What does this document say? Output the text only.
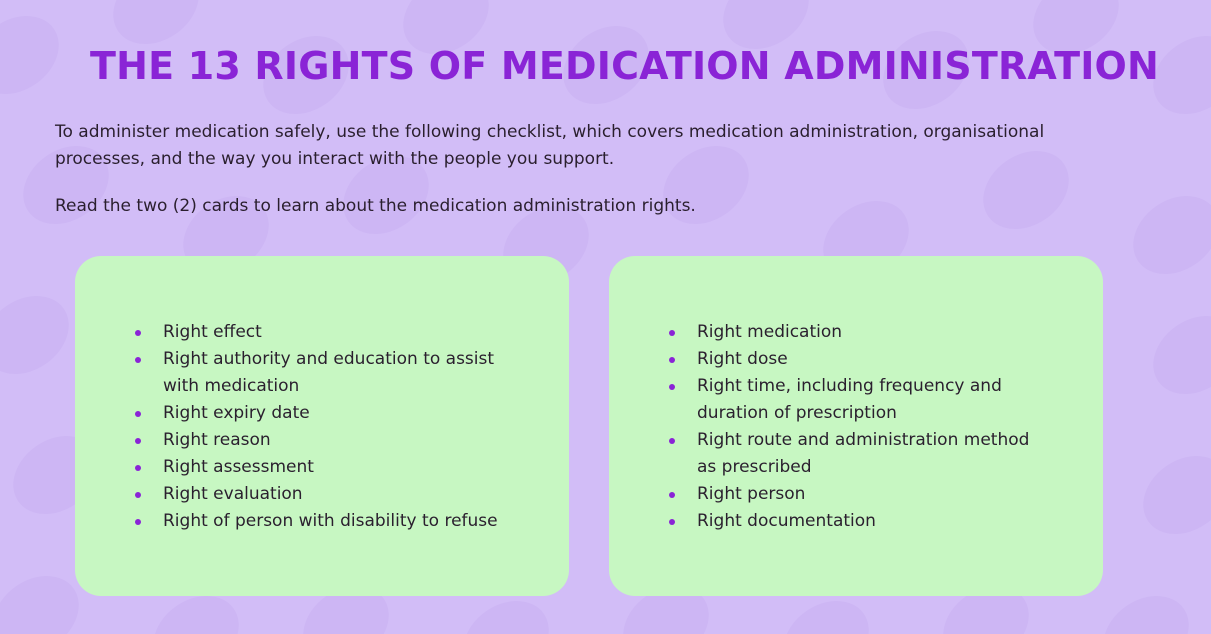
THE 13 RIGHTS OF MEDICATION ADMINISTRATION

To administer medication safely, use the following checklist, which covers medication administration, organisational processes, and the way you interact with the people you support.

Read the two (2) cards to learn about the medication administration rights.

Right effect
Right authority and education to assist with medication
Right expiry date
Right reason
Right assessment
Right evaluation
Right of person with disability to refuse
Right medication
Right dose
Right time, including frequency and duration of prescription
Right route and administration method as prescribed
Right person
Right documentation
